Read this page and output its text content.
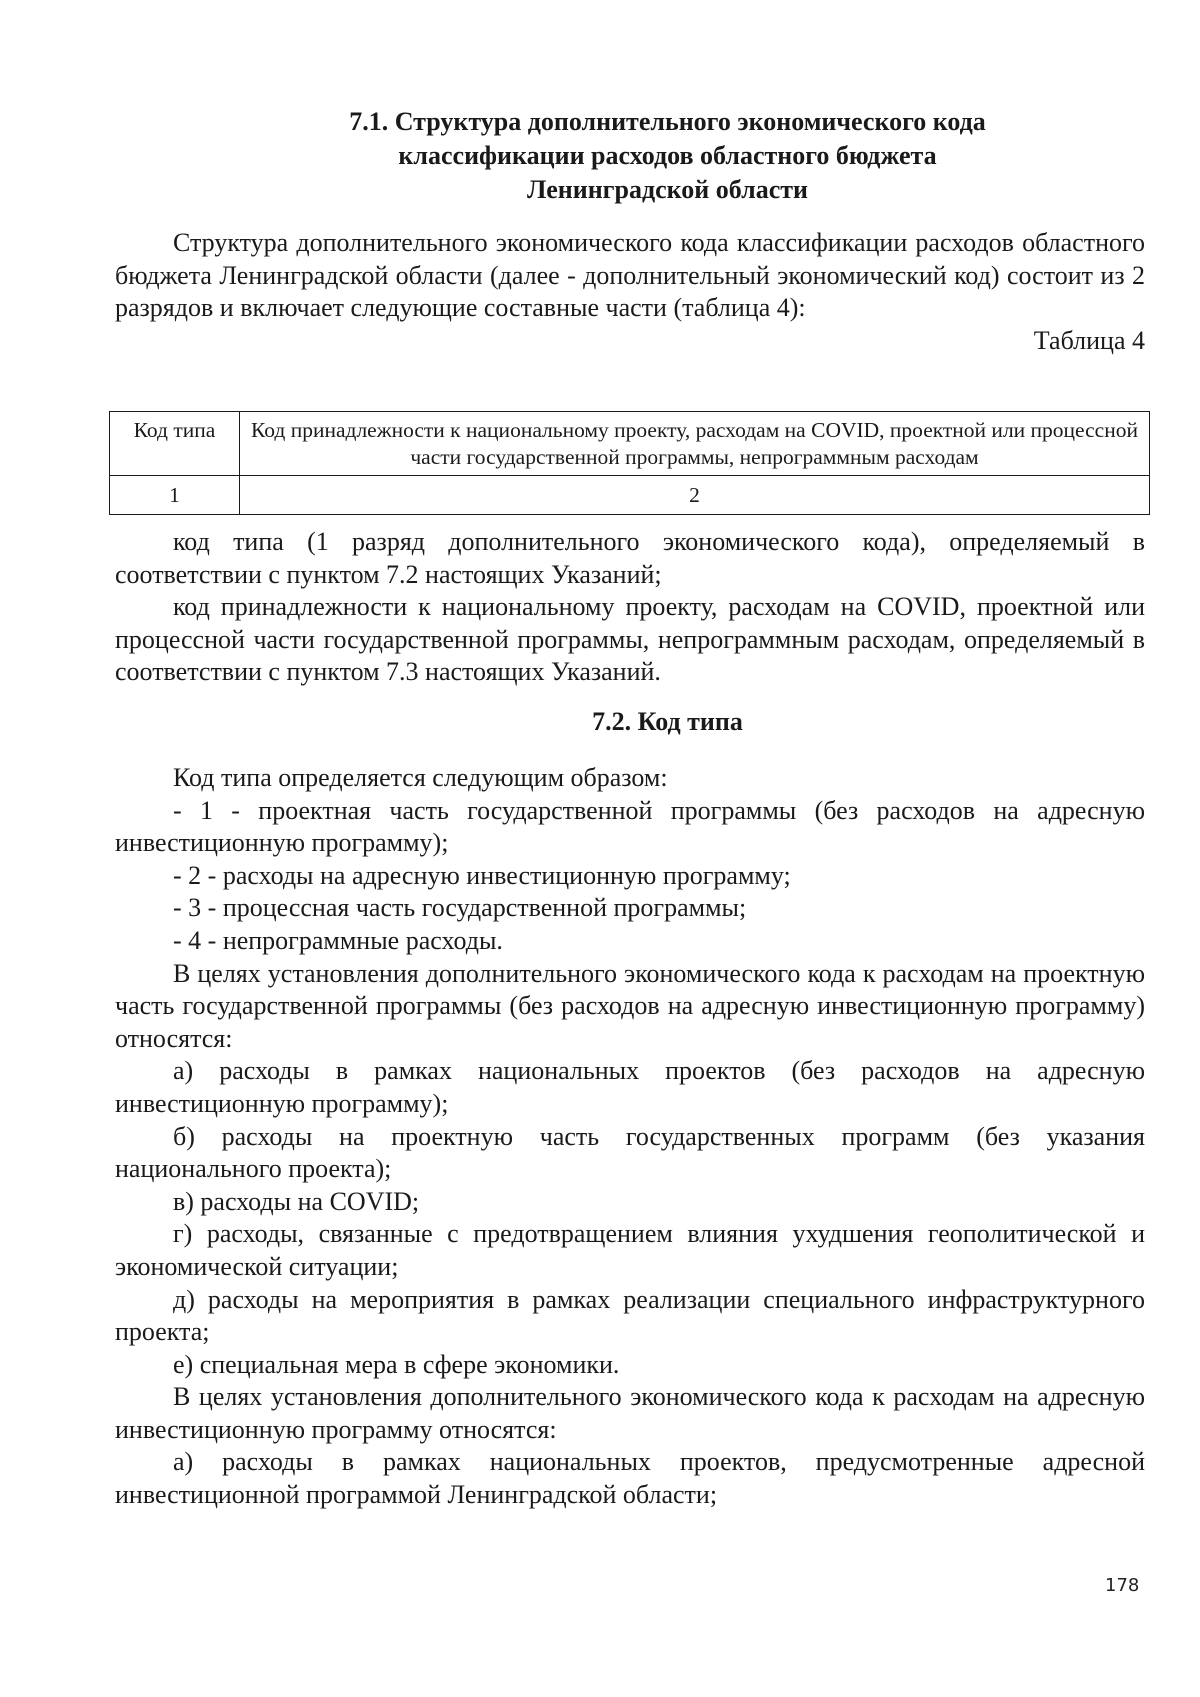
7.1. Структура дополнительного экономического кода
классификации расходов областного бюджета
Ленинградской области

Структура дополнительного экономического кода классификации расходов областного бюджета Ленинградской области (далее - дополнительный экономический код) состоит из 2 разрядов и включает следующие составные части (таблица 4):

Таблица 4
Код типа	Код принадлежности к национальному проекту, расходам на COVID, проектной или процессной части государственной программы, непрограммным расходам
1	2

код типа (1 разряд дополнительного экономического кода), определяемый в соответствии с пунктом 7.2 настоящих Указаний;

код принадлежности к национальному проекту, расходам на COVID, проектной или процессной части государственной программы, непрограммным расходам, определяемый в соответствии с пунктом 7.3 настоящих Указаний.

7.2. Код типа

Код типа определяется следующим образом:

- 1 - проектная часть государственной программы (без расходов на адресную инвестиционную программу);

- 2 - расходы на адресную инвестиционную программу;

- 3 - процессная часть государственной программы;

- 4 - непрограммные расходы.

В целях установления дополнительного экономического кода к расходам на проектную часть государственной программы (без расходов на адресную инвестиционную программу) относятся:

а) расходы в рамках национальных проектов (без расходов на адресную инвестиционную программу);

б) расходы на проектную часть государственных программ (без указания национального проекта);

в) расходы на COVID;

г) расходы, связанные с предотвращением влияния ухудшения геополитической и экономической ситуации;

д) расходы на мероприятия в рамках реализации специального инфраструктурного проекта;

е) специальная мера в сфере экономики.

В целях установления дополнительного экономического кода к расходам на адресную инвестиционную программу относятся:

а) расходы в рамках национальных проектов, предусмотренные адресной инвестиционной программой Ленинградской области;

178
